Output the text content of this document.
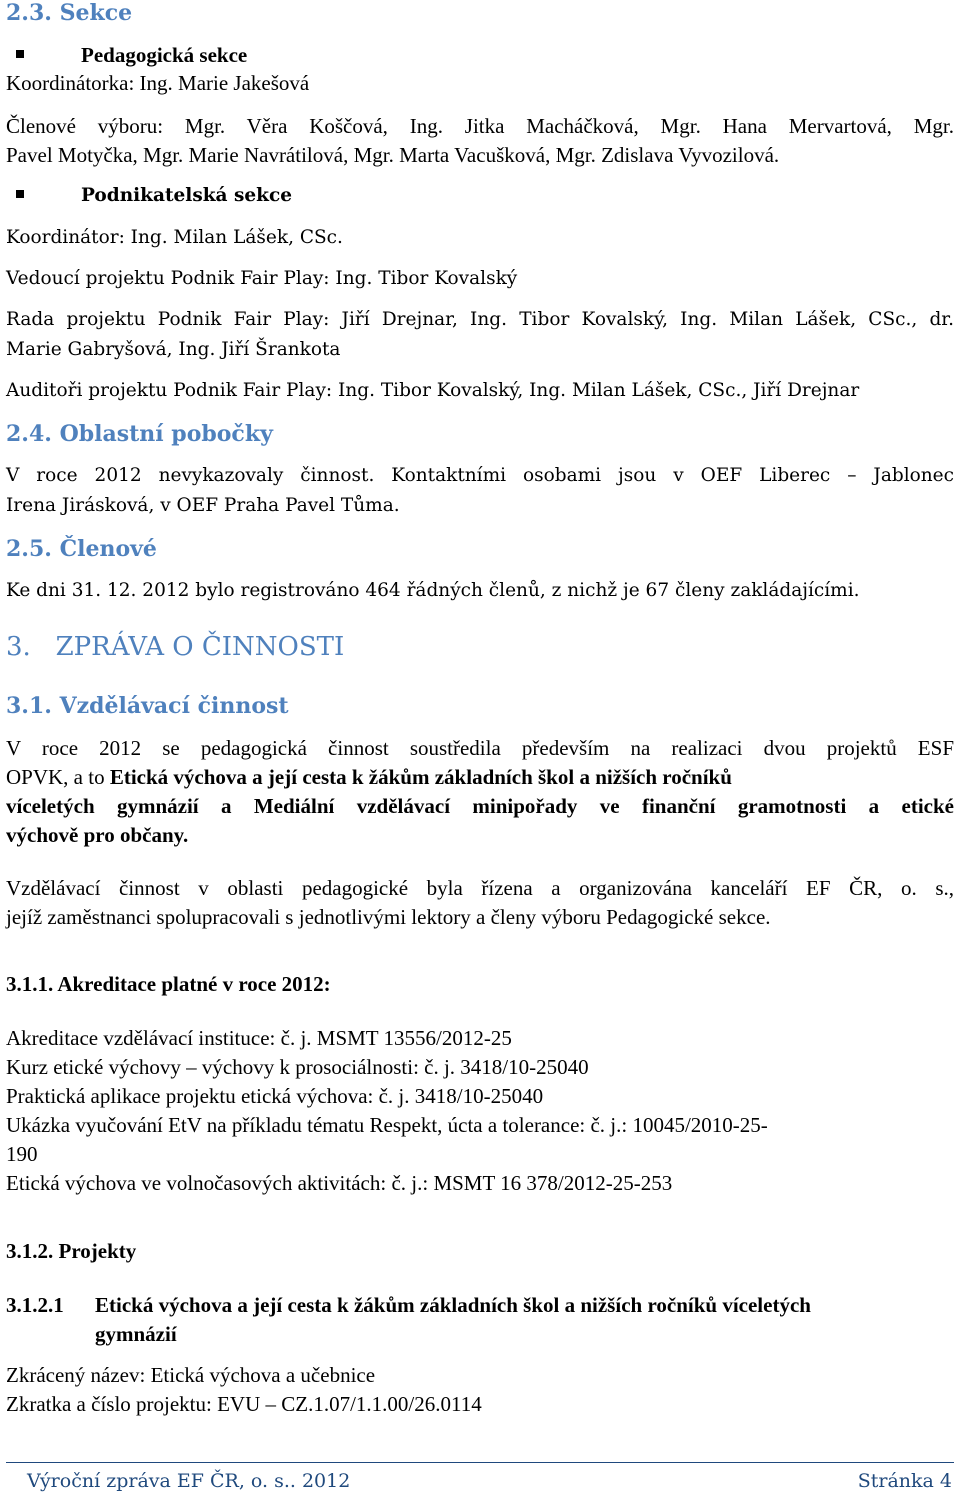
2.3. Sekce
Pedagogická sekce
Koordinátorka: Ing. Marie Jakešová
Členové výboru: Mgr. Věra Koščová, Ing. Jitka Macháčková, Mgr. Hana Mervartová, Mgr.
Pavel Motyčka, Mgr. Marie Navrátilová, Mgr. Marta Vacušková, Mgr. Zdislava Vyvozilová.
Podnikatelská sekce
Koordinátor: Ing. Milan Lášek, CSc.
Vedoucí projektu Podnik Fair Play: Ing. Tibor Kovalský
Rada projektu Podnik Fair Play: Jiří Drejnar, Ing. Tibor Kovalský, Ing. Milan Lášek, CSc., dr.
Marie Gabryšová, Ing. Jiří Šrankota
Auditoři projektu Podnik Fair Play: Ing. Tibor Kovalský, Ing. Milan Lášek, CSc., Jiří Drejnar
2.4. Oblastní pobočky
V roce 2012 nevykazovaly činnost. Kontaktními osobami jsou v OEF Liberec – Jablonec
Irena Jirásková, v OEF Praha Pavel Tůma.
2.5. Členové
Ke dni 31. 12. 2012 bylo registrováno 464 řádných členů, z nichž je 67 členy zakládajícími.
3.   ZPRÁVA O ČINNOSTI
3.1. Vzdělávací činnost
V roce 2012 se pedagogická činnost soustředila především na realizaci dvou projektů ESF
OPVK, a to Etická výchova a její cesta k žákům základních škol a nižších ročníků
víceletých gymnázií a Mediální vzdělávací minipořady ve finanční gramotnosti a etické
výchově pro občany.
Vzdělávací činnost v oblasti pedagogické byla řízena a organizována kanceláří EF ČR, o. s.,
jejíž zaměstnanci spolupracovali s jednotlivými lektory a členy výboru Pedagogické sekce.
3.1.1. Akreditace platné v roce 2012:
Akreditace vzdělávací instituce: č. j. MSMT 13556/2012-25
Kurz etické výchovy – výchovy k prosociálnosti: č. j. 3418/10-25040
Praktická aplikace projektu etická výchova: č. j. 3418/10-25040
Ukázka vyučování EtV na příkladu tématu Respekt, úcta a tolerance: č. j.: 10045/2010-25-
190
Etická výchova ve volnočasových aktivitách: č. j.: MSMT 16 378/2012-25-253
3.1.2. Projekty
3.1.2.1 Etická výchova a její cesta k žákům základních škol a nižších ročníků víceletých
gymnázií
Zkrácený název: Etická výchova a učebnice
Zkratka a číslo projektu: EVU – CZ.1.07/1.1.00/26.0114
Výroční zpráva EF ČR, o. s.. 2012	Stránka 4
